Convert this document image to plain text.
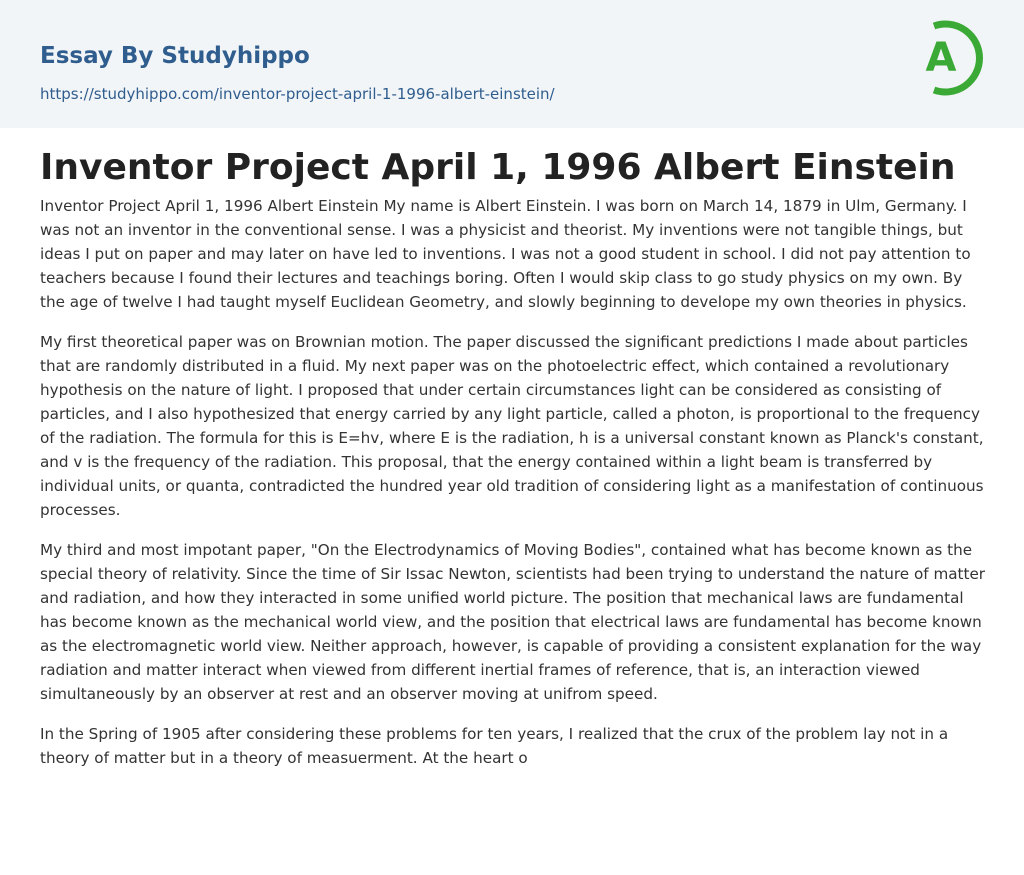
Essay By Studyhippo
https://studyhippo.com/inventor-project-april-1-1996-albert-einstein/
A
Inventor Project April 1, 1996 Albert Einstein

Inventor Project April 1, 1996 Albert Einstein My name is Albert Einstein. I was born on March 14, 1879 in Ulm, Germany. I was not an inventor in the conventional sense. I was a physicist and theorist. My inventions were not tangible things, but ideas I put on paper and may later on have led to inventions. I was not a good student in school. I did not pay attention to teachers because I found their lectures and teachings boring. Often I would skip class to go study physics on my own. By the age of twelve I had taught myself Euclidean Geometry, and slowly beginning to develope my own theories in physics.

My first theoretical paper was on Brownian motion. The paper discussed the significant predictions I made about particles that are randomly distributed in a fluid. My next paper was on the photoelectric effect, which contained a revolutionary hypothesis on the nature of light. I proposed that under certain circumstances light can be considered as consisting of particles, and I also hypothesized that energy carried by any light particle, called a photon, is proportional to the frequency of the radiation. The formula for this is E=hv, where E is the radiation, h is a universal constant known as Planck's constant, and v is the frequency of the radiation. This proposal, that the energy contained within a light beam is transferred by individual units, or quanta, contradicted the hundred year old tradition of considering light as a manifestation of continuous processes.

My third and most impotant paper, "On the Electrodynamics of Moving Bodies", contained what has become known as the special theory of relativity. Since the time of Sir Issac Newton, scientists had been trying to understand the nature of matter and radiation, and how they interacted in some unified world picture. The position that mechanical laws are fundamental has become known as the mechanical world view, and the position that electrical laws are fundamental has become known as the electromagnetic world view. Neither approach, however, is capable of providing a consistent explanation for the way radiation and matter interact when viewed from different inertial frames of reference, that is, an interaction viewed simultaneously by an observer at rest and an observer moving at unifrom speed.

In the Spring of 1905 after considering these problems for ten years, I realized that the crux of the problem lay not in a theory of matter but in a theory of measuerment. At the heart o
